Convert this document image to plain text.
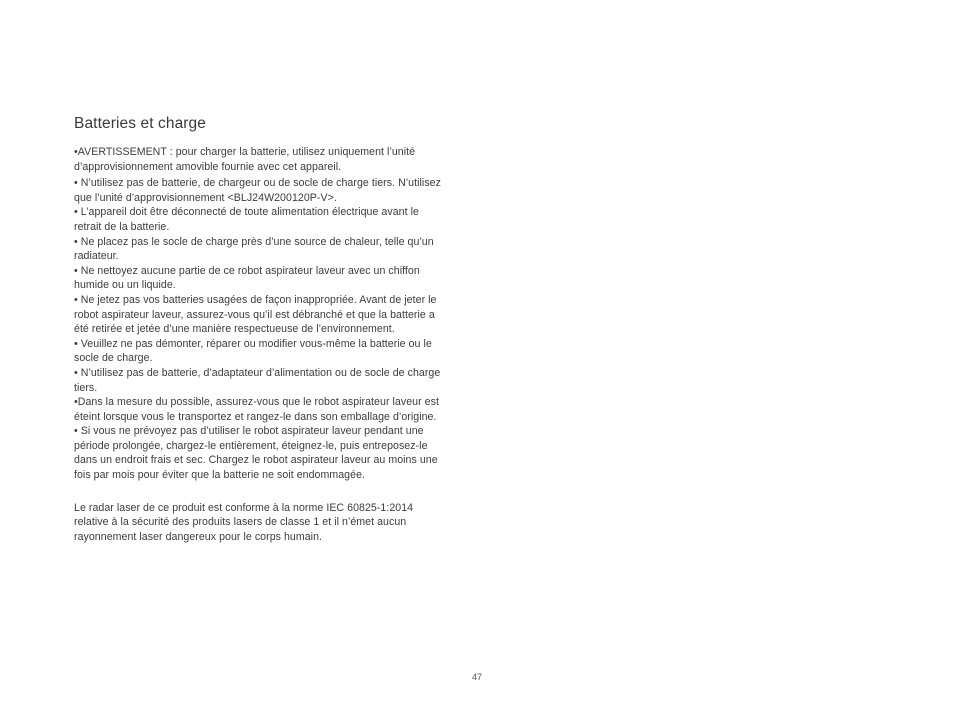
Batteries et charge

•AVERTISSEMENT : pour charger la batterie, utilisez uniquement l’unité d’approvisionnement amovible fournie avec cet appareil.

• N’utilisez pas de batterie, de chargeur ou de socle de charge tiers. N’utilisez que l’unité d’approvisionnement <BLJ24W200120P-V>.

• L’appareil doit être déconnecté de toute alimentation électrique avant le retrait de la batterie.

• Ne placez pas le socle de charge près d’une source de chaleur, telle qu’un radiateur.

• Ne nettoyez aucune partie de ce robot aspirateur laveur avec un chiffon humide ou un liquide.

• Ne jetez pas vos batteries usagées de façon inappropriée. Avant de jeter le robot aspirateur laveur, assurez-vous qu’il est débranché et que la batterie a été retirée et jetée d’une manière respectueuse de l’environnement.

• Veuillez ne pas démonter, réparer ou modifier vous-même la batterie ou le socle de charge.

• N’utilisez pas de batterie, d’adaptateur d’alimentation ou de socle de charge tiers.

•Dans la mesure du possible, assurez-vous que le robot aspirateur laveur est éteint lorsque vous le transportez et rangez-le dans son emballage d’origine.

• Si vous ne prévoyez pas d’utiliser le robot aspirateur laveur pendant une période prolongée, chargez-le entièrement, éteignez-le, puis entreposez-le dans un endroit frais et sec. Chargez le robot aspirateur laveur au moins une fois par mois pour éviter que la batterie ne soit endommagée.

Le radar laser de ce produit est conforme à la norme IEC 60825-1:2014 relative à la sécurité des produits lasers de classe 1 et il n’émet aucun rayonnement laser dangereux pour le corps humain.

47
